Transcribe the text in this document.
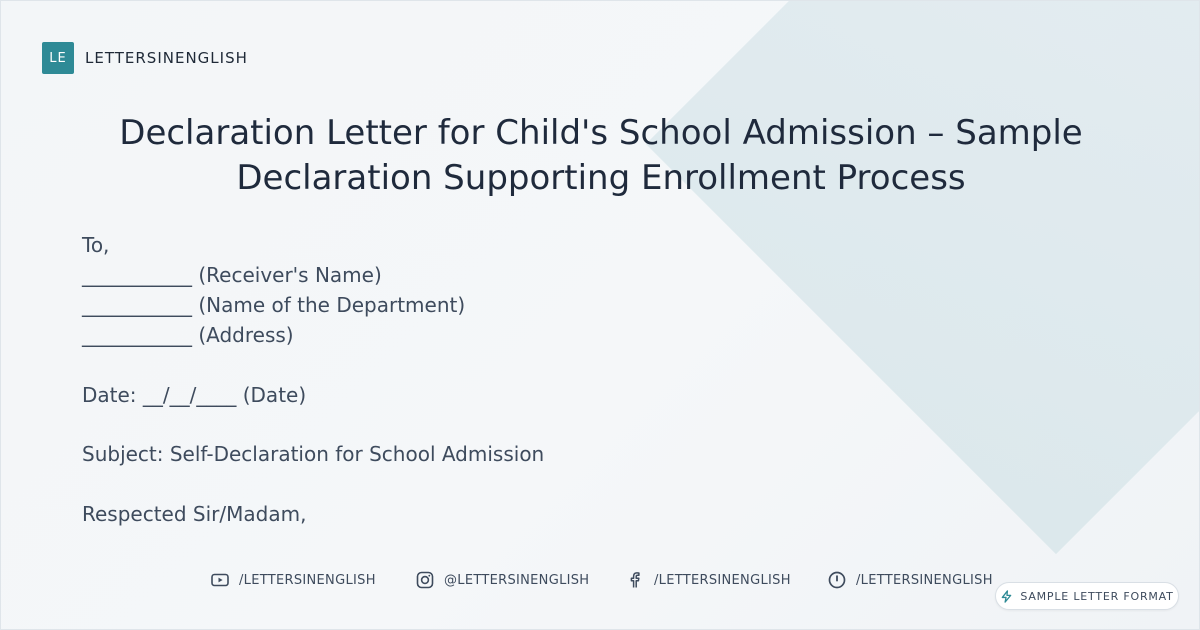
LE	LETTERSINENGLISH
Declaration Letter for Child's School Admission – Sample
Declaration Supporting Enrollment Process
To,
___________ (Receiver's Name)
___________ (Name of the Department)
___________ (Address)
Date: __/__/____ (Date)
Subject: Self-Declaration for School Admission
Respected Sir/Madam,
/LETTERSINENGLISH	@LETTERSINENGLISH	/LETTERSINENGLISH	/LETTERSINENGLISH
SAMPLE LETTER FORMAT
